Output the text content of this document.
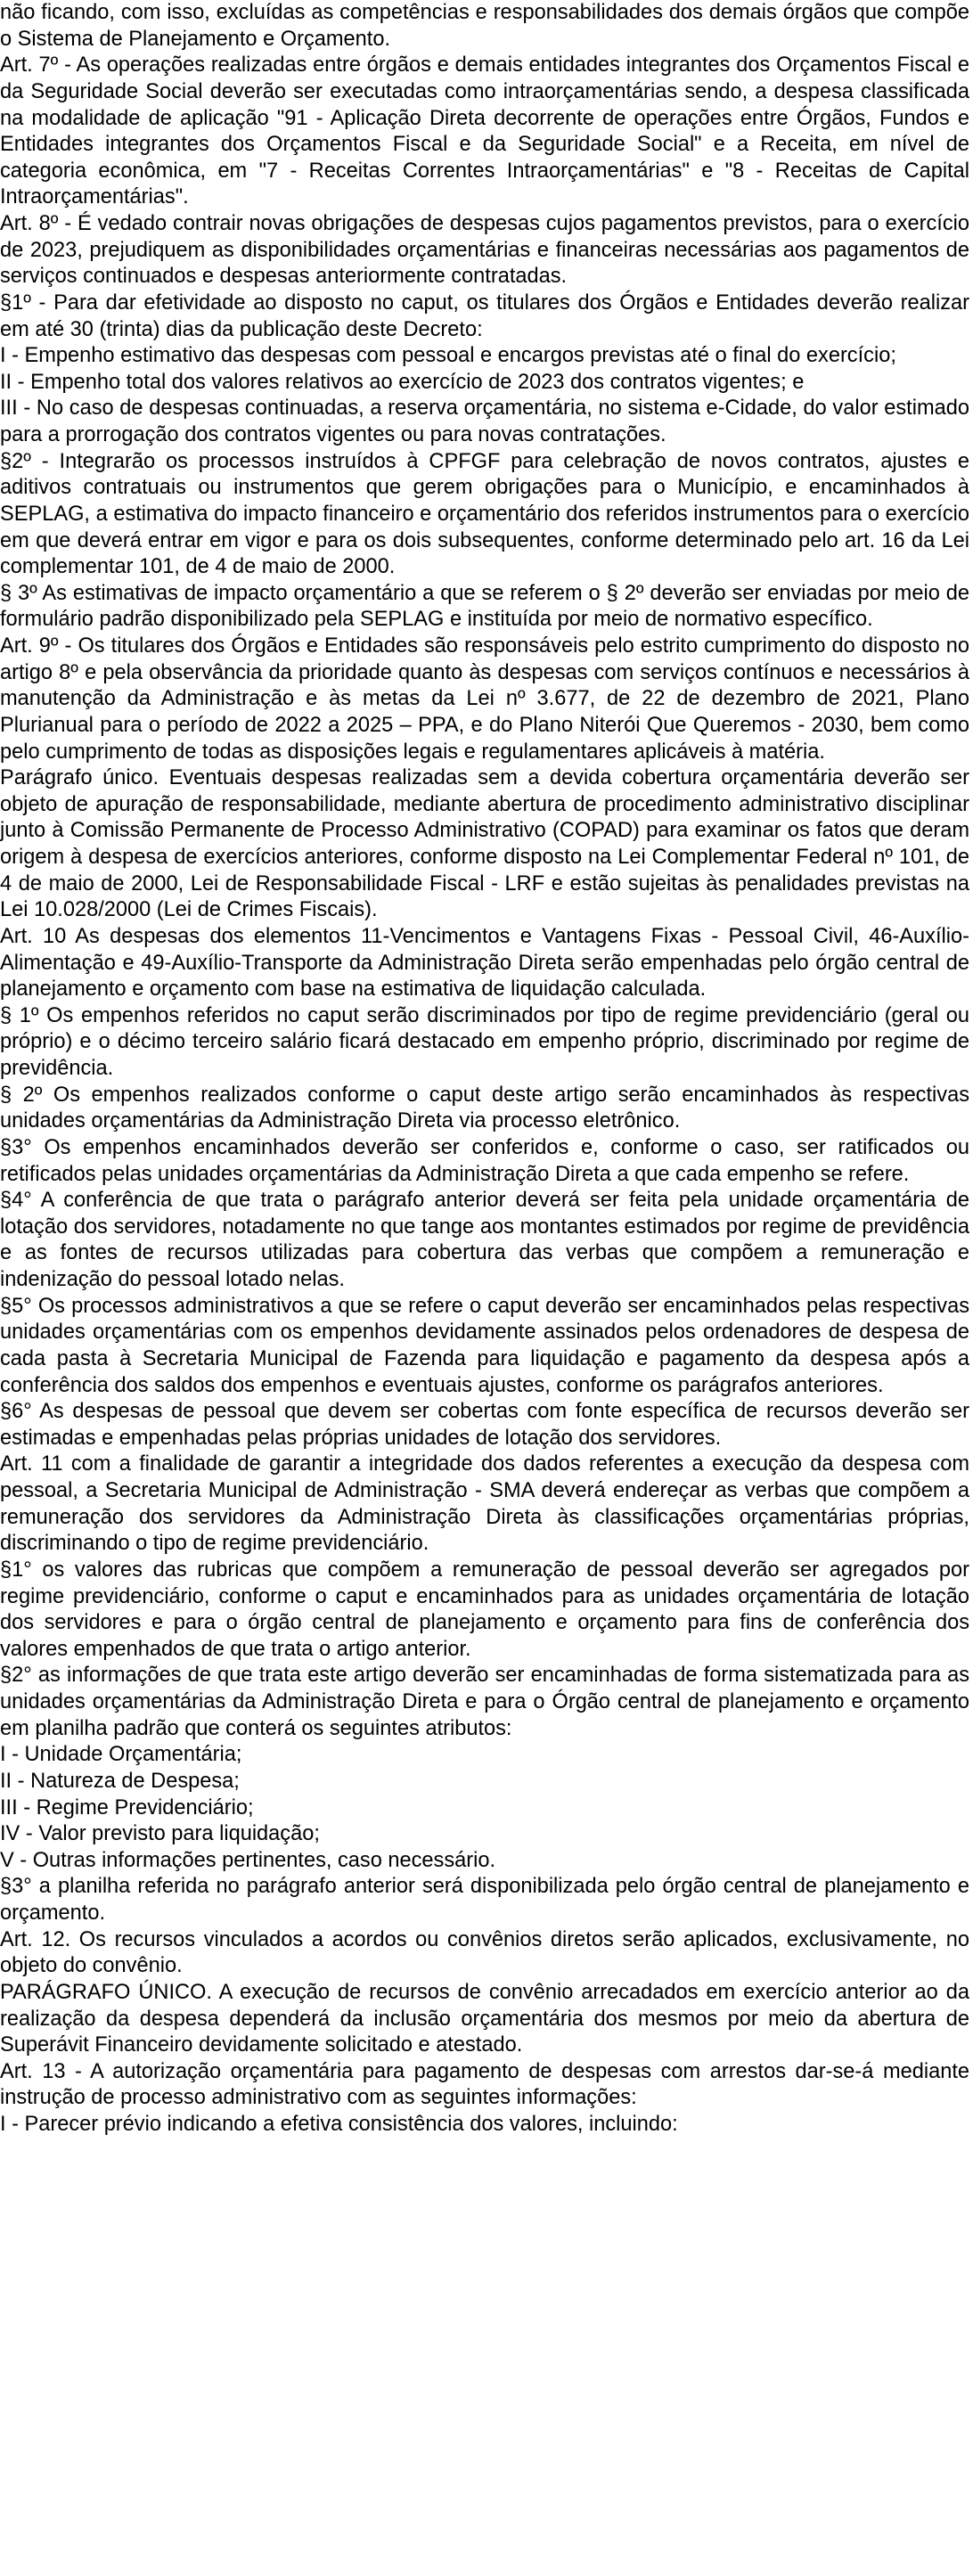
não ficando, com isso, excluídas as competências e responsabilidades dos demais órgãos que compõe o Sistema de Planejamento e Orçamento.

Art. 7º - As operações realizadas entre órgãos e demais entidades integrantes dos Orçamentos Fiscal e da Seguridade Social deverão ser executadas como intraorçamentárias sendo, a despesa classificada na modalidade de aplicação "91 - Aplicação Direta decorrente de operações entre Órgãos, Fundos e Entidades integrantes dos Orçamentos Fiscal e da Seguridade Social" e a Receita, em nível de categoria econômica, em "7 - Receitas Correntes Intraorçamentárias" e "8 - Receitas de Capital Intraorçamentárias".

Art. 8º - É vedado contrair novas obrigações de despesas cujos pagamentos previstos, para o exercício de 2023, prejudiquem as disponibilidades orçamentárias e financeiras necessárias aos pagamentos de serviços continuados e despesas anteriormente contratadas.

§1º - Para dar efetividade ao disposto no caput, os titulares dos Órgãos e Entidades deverão realizar em até 30 (trinta) dias da publicação deste Decreto:

I - Empenho estimativo das despesas com pessoal e encargos previstas até o final do exercício;

II - Empenho total dos valores relativos ao exercício de 2023 dos contratos vigentes; e

III - No caso de despesas continuadas, a reserva orçamentária, no sistema e-Cidade, do valor estimado para a prorrogação dos contratos vigentes ou para novas contratações.

§2º - Integrarão os processos instruídos à CPFGF para celebração de novos contratos, ajustes e aditivos contratuais ou instrumentos que gerem obrigações para o Município, e encaminhados à SEPLAG, a estimativa do impacto financeiro e orçamentário dos referidos instrumentos para o exercício em que deverá entrar em vigor e para os dois subsequentes, conforme determinado pelo art. 16 da Lei complementar 101, de 4 de maio de 2000.

§ 3º As estimativas de impacto orçamentário a que se referem o § 2º deverão ser enviadas por meio de formulário padrão disponibilizado pela SEPLAG e instituída por meio de normativo específico.

Art. 9º - Os titulares dos Órgãos e Entidades são responsáveis pelo estrito cumprimento do disposto no artigo 8º e pela observância da prioridade quanto às despesas com serviços contínuos e necessários à manutenção da Administração e às metas da Lei nº 3.677, de 22 de dezembro de 2021, Plano Plurianual para o período de 2022 a 2025 – PPA, e do Plano Niterói Que Queremos - 2030, bem como pelo cumprimento de todas as disposições legais e regulamentares aplicáveis à matéria.

Parágrafo único. Eventuais despesas realizadas sem a devida cobertura orçamentária deverão ser objeto de apuração de responsabilidade, mediante abertura de procedimento administrativo disciplinar junto à Comissão Permanente de Processo Administrativo (COPAD) para examinar os fatos que deram origem à despesa de exercícios anteriores, conforme disposto na Lei Complementar Federal nº 101, de 4 de maio de 2000, Lei de Responsabilidade Fiscal - LRF e estão sujeitas às penalidades previstas na Lei 10.028/2000 (Lei de Crimes Fiscais).

Art. 10 As despesas dos elementos 11-Vencimentos e Vantagens Fixas - Pessoal Civil, 46-Auxílio-Alimentação e 49-Auxílio-Transporte da Administração Direta serão empenhadas pelo órgão central de planejamento e orçamento com base na estimativa de liquidação calculada.

§ 1º Os empenhos referidos no caput serão discriminados por tipo de regime previdenciário (geral ou próprio) e o décimo terceiro salário ficará destacado em empenho próprio, discriminado por regime de previdência.

§ 2º Os empenhos realizados conforme o caput deste artigo serão encaminhados às respectivas unidades orçamentárias da Administração Direta via processo eletrônico.

§3° Os empenhos encaminhados deverão ser conferidos e, conforme o caso, ser ratificados ou retificados pelas unidades orçamentárias da Administração Direta a que cada empenho se refere.

§4° A conferência de que trata o parágrafo anterior deverá ser feita pela unidade orçamentária de lotação dos servidores, notadamente no que tange aos montantes estimados por regime de previdência e as fontes de recursos utilizadas para cobertura das verbas que compõem a remuneração e indenização do pessoal lotado nelas.

§5° Os processos administrativos a que se refere o caput deverão ser encaminhados pelas respectivas unidades orçamentárias com os empenhos devidamente assinados pelos ordenadores de despesa de cada pasta à Secretaria Municipal de Fazenda para liquidação e pagamento da despesa após a conferência dos saldos dos empenhos e eventuais ajustes, conforme os parágrafos anteriores.

§6° As despesas de pessoal que devem ser cobertas com fonte específica de recursos deverão ser estimadas e empenhadas pelas próprias unidades de lotação dos servidores.

Art. 11 com a finalidade de garantir a integridade dos dados referentes a execução da despesa com pessoal, a Secretaria Municipal de Administração - SMA deverá endereçar as verbas que compõem a remuneração dos servidores da Administração Direta às classificações orçamentárias próprias, discriminando o tipo de regime previdenciário.

§1° os valores das rubricas que compõem a remuneração de pessoal deverão ser agregados por regime previdenciário, conforme o caput e encaminhados para as unidades orçamentária de lotação dos servidores e para o órgão central de planejamento e orçamento para fins de conferência dos valores empenhados de que trata o artigo anterior.

§2° as informações de que trata este artigo deverão ser encaminhadas de forma sistematizada para as unidades orçamentárias da Administração Direta e para o Órgão central de planejamento e orçamento em planilha padrão que conterá os seguintes atributos:

I - Unidade Orçamentária;

II - Natureza de Despesa;

III - Regime Previdenciário;

IV - Valor previsto para liquidação;

V - Outras informações pertinentes, caso necessário.

§3° a planilha referida no parágrafo anterior será disponibilizada pelo órgão central de planejamento e orçamento.

Art. 12. Os recursos vinculados a acordos ou convênios diretos serão aplicados, exclusivamente, no objeto do convênio.

PARÁGRAFO ÚNICO. A execução de recursos de convênio arrecadados em exercício anterior ao da realização da despesa dependerá da inclusão orçamentária dos mesmos por meio da abertura de Superávit Financeiro devidamente solicitado e atestado.

Art. 13 - A autorização orçamentária para pagamento de despesas com arrestos dar-se-á mediante instrução de processo administrativo com as seguintes informações:

I - Parecer prévio indicando a efetiva consistência dos valores, incluindo:
